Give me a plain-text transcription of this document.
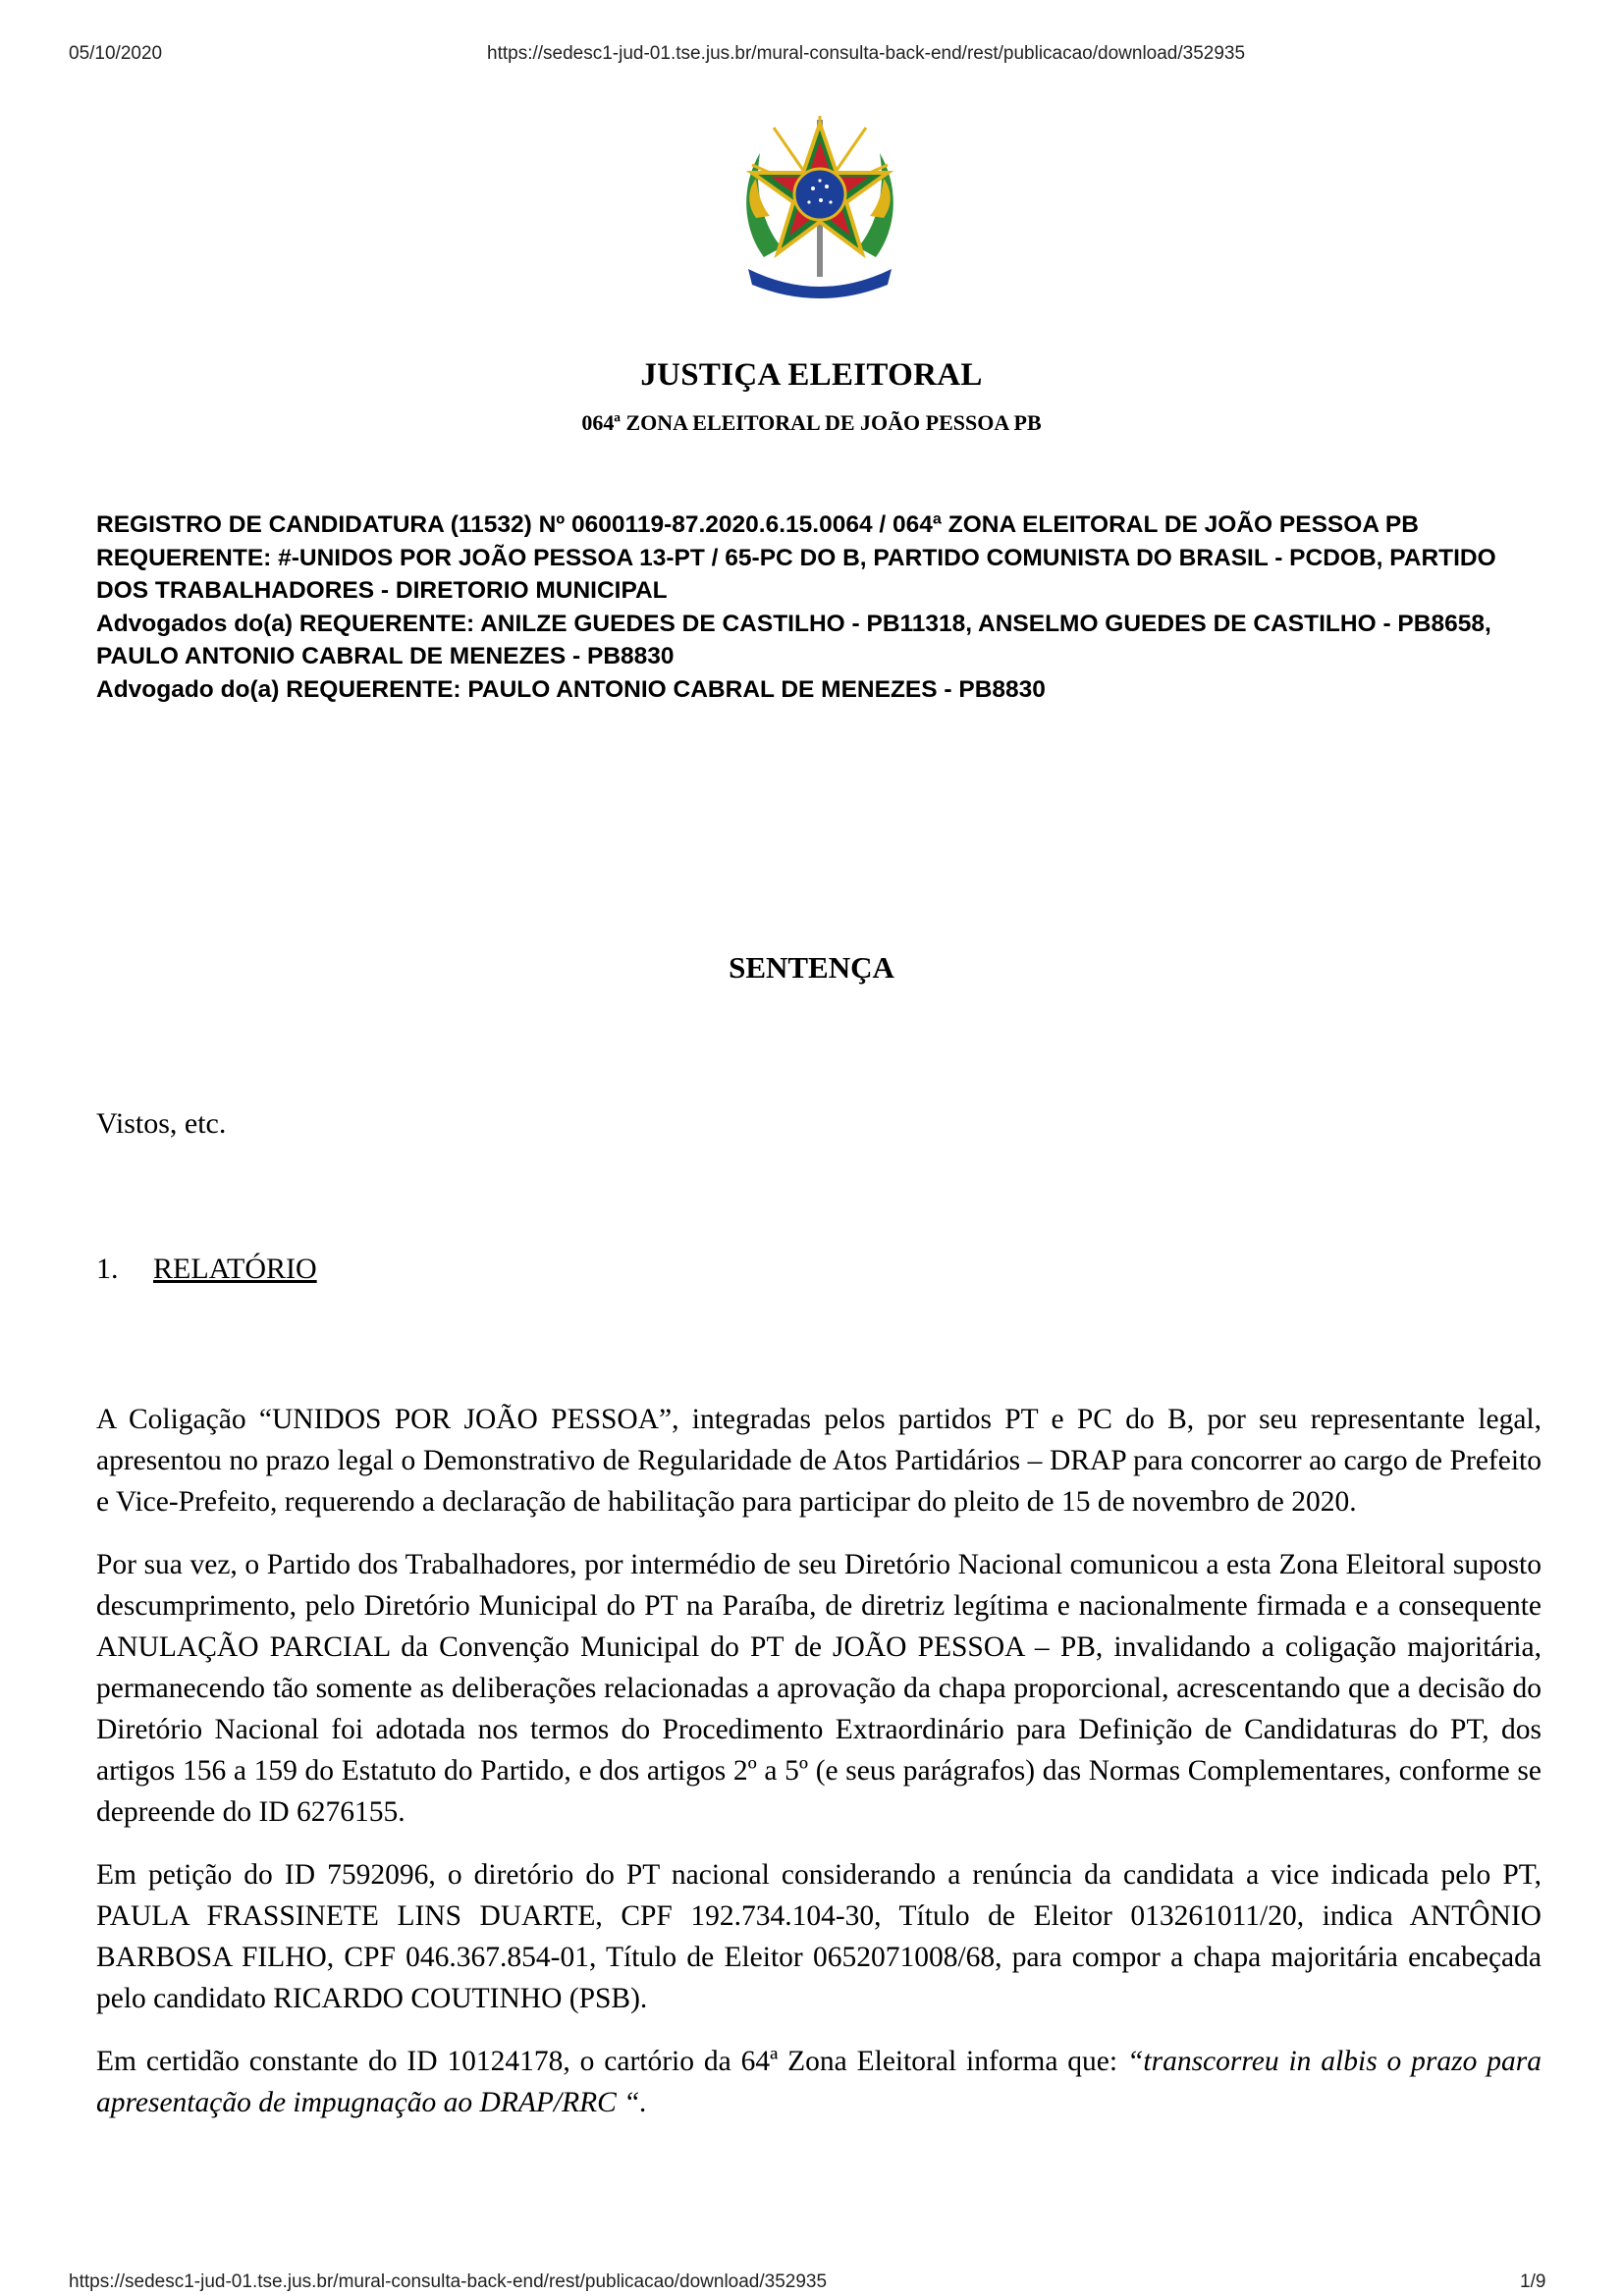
05/10/2020	https://sedesc1-jud-01.tse.jus.br/mural-consulta-back-end/rest/publicacao/download/352935
JUSTIÇA ELEITORAL
064ª ZONA ELEITORAL DE JOÃO PESSOA PB

REGISTRO DE CANDIDATURA (11532) Nº 0600119-87.2020.6.15.0064 / 064ª ZONA ELEITORAL DE JOÃO PESSOA PB

REQUERENTE: #-UNIDOS POR JOÃO PESSOA 13-PT / 65-PC DO B, PARTIDO COMUNISTA DO BRASIL - PCDOB, PARTIDO DOS TRABALHADORES - DIRETORIO MUNICIPAL

Advogados do(a) REQUERENTE: ANILZE GUEDES DE CASTILHO - PB11318, ANSELMO GUEDES DE CASTILHO - PB8658, PAULO ANTONIO CABRAL DE MENEZES - PB8830

Advogado do(a) REQUERENTE: PAULO ANTONIO CABRAL DE MENEZES - PB8830

SENTENÇA
Vistos, etc.
1. RELATÓRIO

A Coligação “UNIDOS POR JOÃO PESSOA”, integradas pelos partidos PT e PC do B, por seu representante legal, apresentou no prazo legal o Demonstrativo de Regularidade de Atos Partidários – DRAP para concorrer ao cargo de Prefeito e Vice-Prefeito, requerendo a declaração de habilitação para participar do pleito de 15 de novembro de 2020.

Por sua vez, o Partido dos Trabalhadores, por intermédio de seu Diretório Nacional comunicou a esta Zona Eleitoral suposto descumprimento, pelo Diretório Municipal do PT na Paraíba, de diretriz legítima e nacionalmente firmada e a consequente ANULAÇÃO PARCIAL da Convenção Municipal do PT de JOÃO PESSOA – PB, invalidando a coligação majoritária, permanecendo tão somente as deliberações relacionadas a aprovação da chapa proporcional, acrescentando que a decisão do Diretório Nacional foi adotada nos termos do Procedimento Extraordinário para Definição de Candidaturas do PT, dos artigos 156 a 159 do Estatuto do Partido, e dos artigos 2º a 5º (e seus parágrafos) das Normas Complementares, conforme se depreende do ID 6276155.

Em petição do ID 7592096, o diretório do PT nacional considerando a renúncia da candidata a vice indicada pelo PT, PAULA FRASSINETE LINS DUARTE, CPF 192.734.104-30, Título de Eleitor 013261011/20, indica ANTÔNIO BARBOSA FILHO, CPF 046.367.854-01, Título de Eleitor 0652071008/68, para compor a chapa majoritária encabeçada pelo candidato RICARDO COUTINHO (PSB).

Em certidão constante do ID 10124178, o cartório da 64ª Zona Eleitoral informa que: “transcorreu in albis o prazo para apresentação de impugnação ao DRAP/RRC “.

https://sedesc1-jud-01.tse.jus.br/mural-consulta-back-end/rest/publicacao/download/352935	1/9
